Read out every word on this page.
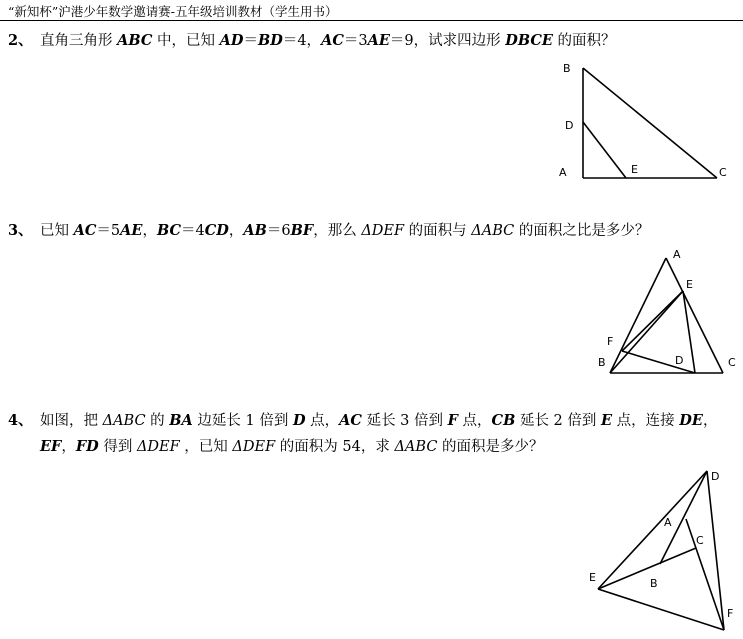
“新知杯”沪港少年数学邀请赛-五年级培训教材（学生用书）
2、 直角三角形 ABC 中，已知 AD＝BD＝4，AC＝3AE＝9，试求四边形 DBCE 的面积？
3、 已知 AC＝5AE，BC＝4CD，AB＝6BF，那么 ΔDEF 的面积与 ΔABC 的面积之比是多少？
4、 如图，把 ΔABC 的 BA 边延长 1 倍到 D 点，AC 延长 3 倍到 F 点，CB 延长 2 倍到 E 点，连接 DE，
EF，FD 得到 ΔDEF ，已知 ΔDEF 的面积为 54，求 ΔABC 的面积是多少？
B
D
A	E	C
A
E
F
B	D	C
D
A
C
B
E
F
